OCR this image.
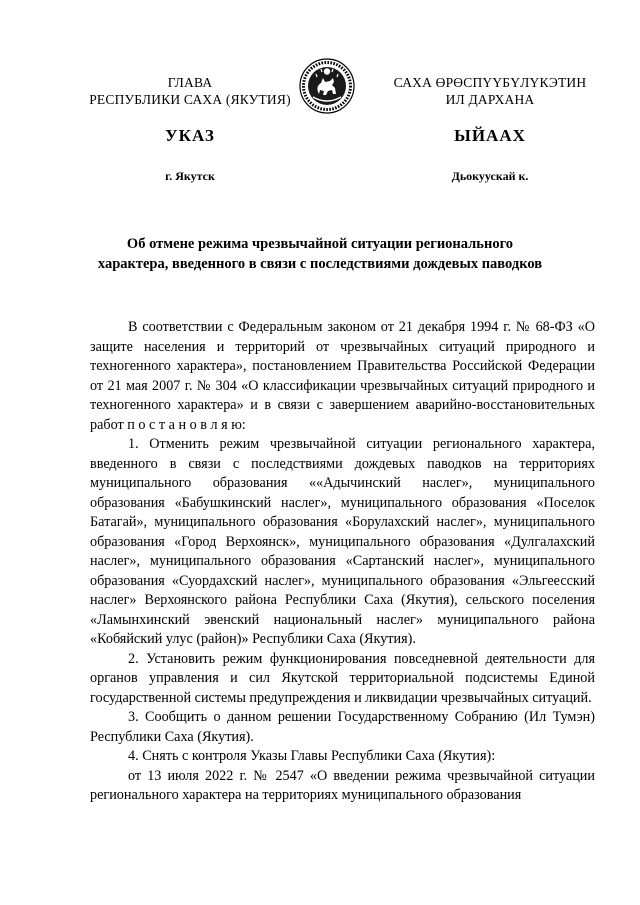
ГЛАВА
РЕСПУБЛИКИ САХА (ЯКУТИЯ)
САХА ӨРӨСПҮҮБҮЛҮКЭТИН
ИЛ ДАРХАНА
УКАЗ	ЫЙААХ
г. Якутск	Дьокуускай к.
Об отмене режима чрезвычайной ситуации регионального
характера, введенного в связи с последствиями дождевых паводков

В соответствии с Федеральным законом от 21 декабря 1994 г. № 68-ФЗ «О защите населения и территорий от чрезвычайных ситуаций природного и техногенного характера», постановлением Правительства Российской Федерации от 21 мая 2007 г. № 304 «О классификации чрезвычайных ситуаций природного и техногенного характера» и в связи с завершением аварийно-восстановительных работ п о с т а н о в л я ю:

1. Отменить режим чрезвычайной ситуации регионального характера, введенного в связи с последствиями дождевых паводков на территориях муниципального образования ««Адычинский наслег», муниципального образования «Бабушкинский наслег», муниципального образования «Поселок Батагай», муниципального образования «Борулахский наслег», муниципального образования «Город Верхоянск», муниципального образования «Дулгалахский наслег», муниципального образования «Сартанский наслег», муниципального образования «Суордахский наслег», муниципального образования «Эльгеесский наслег» Верхоянского района Республики Саха (Якутия), сельского поселения «Ламынхинский эвенский национальный наслег» муниципального района «Кобяйский улус (район)» Республики Саха (Якутия).

2. Установить режим функционирования повседневной деятельности для органов управления и сил Якутской территориальной подсистемы Единой государственной системы предупреждения и ликвидации чрезвычайных ситуаций.

3. Сообщить о данном решении Государственному Собранию (Ил Тумэн) Республики Саха (Якутия).

4. Снять с контроля Указы Главы Республики Саха (Якутия):

от 13 июля 2022 г. № 2547 «О введении режима чрезвычайной ситуации регионального характера на территориях муниципального образования
